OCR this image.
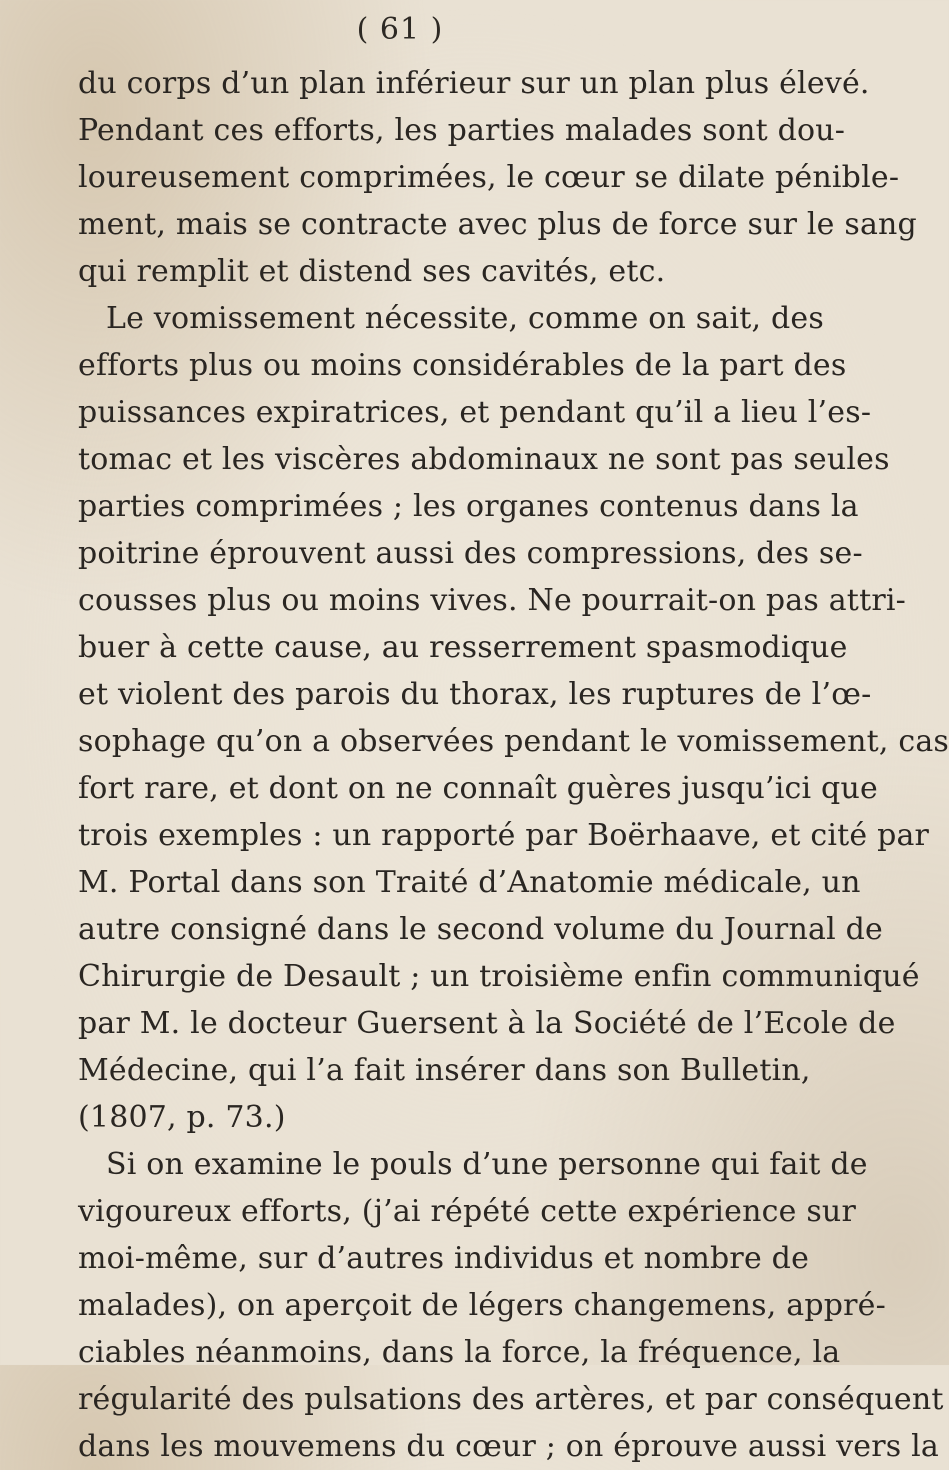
( 61 )
du corps d’un plan inférieur sur un plan plus élevé.
Pendant ces efforts, les parties malades sont dou-
loureusement comprimées, le cœur se dilate pénible-
ment, mais se contracte avec plus de force sur le sang
qui remplit et distend ses cavités, etc.
Le vomissement nécessite, comme on sait, des
efforts plus ou moins considérables de la part des
puissances expiratrices, et pendant qu’il a lieu l’es-
tomac et les viscères abdominaux ne sont pas seules
parties comprimées ; les organes contenus dans la
poitrine éprouvent aussi des compressions, des se-
cousses plus ou moins vives. Ne pourrait-on pas attri-
buer à cette cause, au resserrement spasmodique
et violent des parois du thorax, les ruptures de l’œ-
sophage qu’on a observées pendant le vomissement, cas
fort rare, et dont on ne connaît guères jusqu’ici que
trois exemples : un rapporté par Boërhaave, et cité par
M. Portal dans son Traité d’Anatomie médicale, un
autre consigné dans le second volume du Journal de
Chirurgie de Desault ; un troisième enfin communiqué
par M. le docteur Guersent à la Société de l’Ecole de
Médecine, qui l’a fait insérer dans son Bulletin,
(1807, p. 73.)
Si on examine le pouls d’une personne qui fait de
vigoureux efforts, (j’ai répété cette expérience sur
moi-même, sur d’autres individus et nombre de
malades), on aperçoit de légers changemens, appré-
ciables néanmoins, dans la force, la fréquence, la
régularité des pulsations des artères, et par conséquent
dans les mouvemens du cœur ; on éprouve aussi vers la
